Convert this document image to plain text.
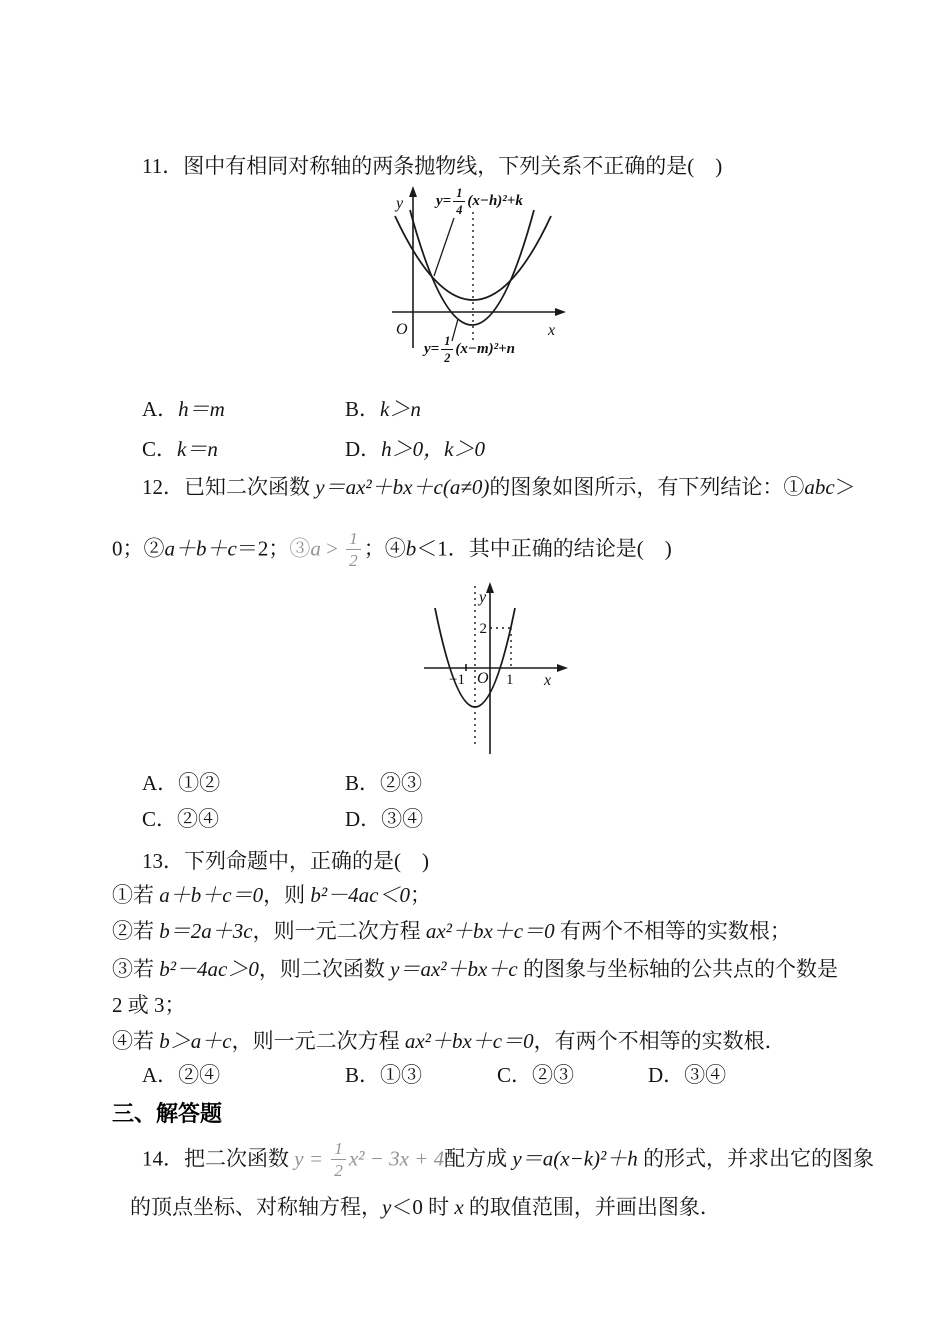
11．图中有相同对称轴的两条抛物线，下列关系不正确的是(　)
y
x
O
$y= \frac{1}{4} (x-h)^2+k$
$y= \frac{1}{2} (x-m)^2+n$
A．h＝m	B．k＞n
C．k＝n	D．h＞0，k＞0
12．已知二次函数 y＝ax²＋bx＋c(a≠0)的图象如图所示，有下列结论：①abc＞
0；②a＋b＋c＝2；③a > $\frac{1}{2}$ ；④b＜1．其中正确的结论是(　)
y
x
O
−1	1
2
A．①②	B．②③
C．②④	D．③④
13．下列命题中，正确的是(　)
①若 a＋b＋c＝0，则 b²－4ac＜0；
②若 b＝2a＋3c，则一元二次方程 ax²＋bx＋c＝0 有两个不相等的实数根；
③若 b²－4ac＞0，则二次函数 y＝ax²＋bx＋c 的图象与坐标轴的公共点的个数是
2 或 3；
④若 b＞a＋c，则一元二次方程 ax²＋bx＋c＝0，有两个不相等的实数根．
A．②④	B．①③	C．②③	D．③④
三、解答题
14．把二次函数 $y = \frac{1}{2} x^2 - 3x + 4$配方成 y＝a(x−k)²＋h 的形式，并求出它的图象
的顶点坐标、对称轴方程，y＜0 时 x 的取值范围，并画出图象．
